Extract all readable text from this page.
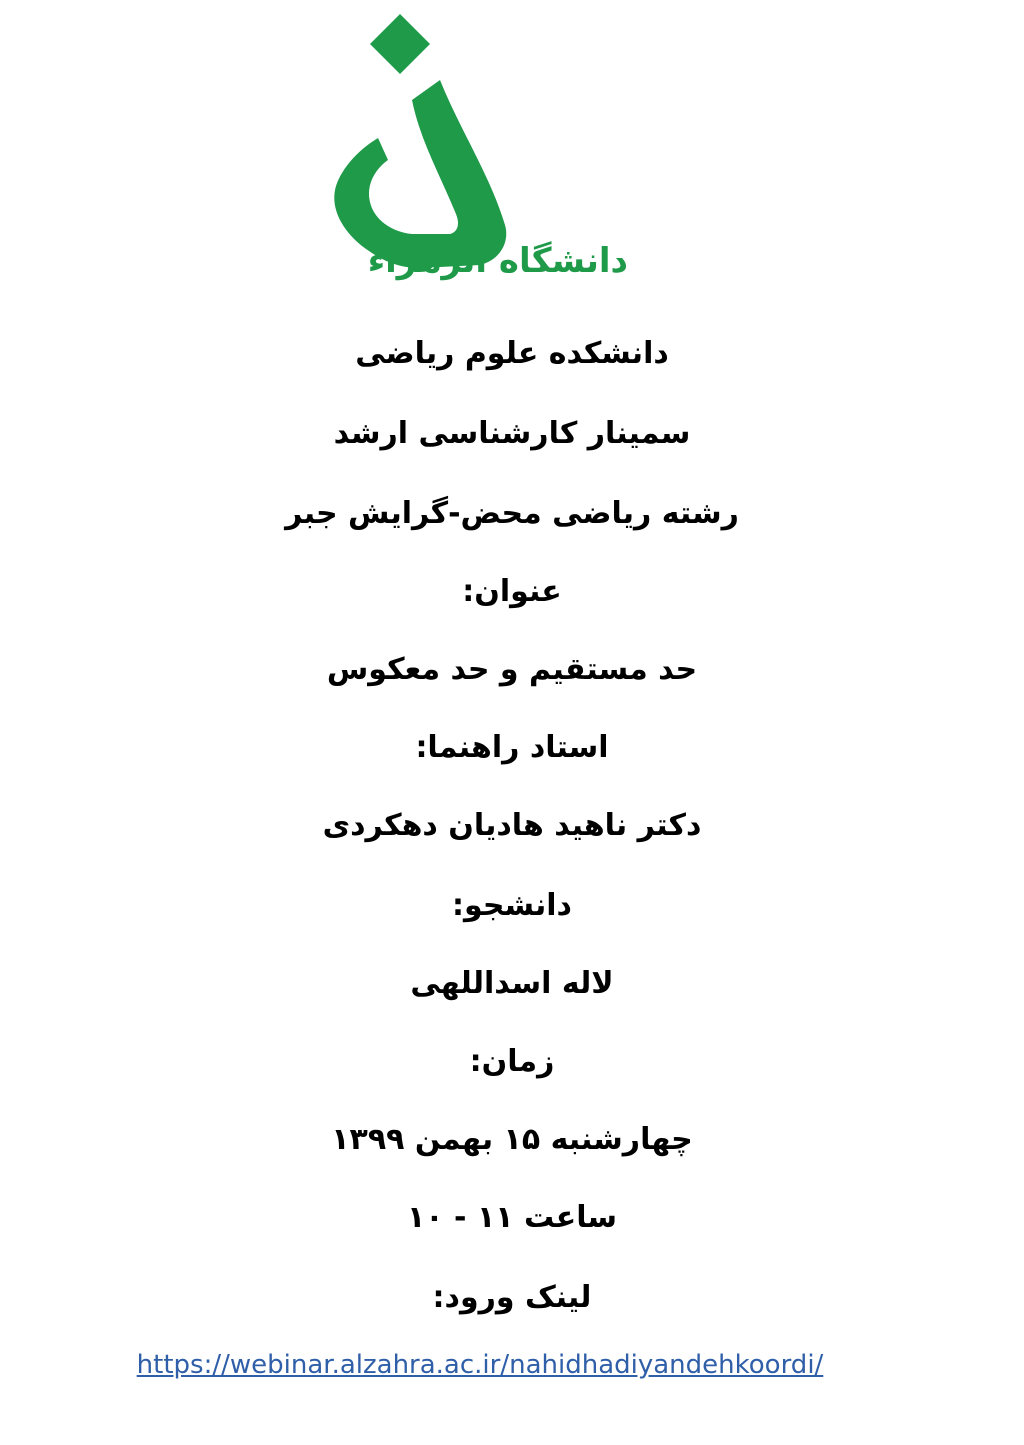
دانشگاه الزهراء
دانشکده علوم ریاضی
سمینار کارشناسی ارشد
رشته ریاضی محض-گرایش جبر
عنوان:
حد مستقیم و حد معکوس
استاد راهنما:
دکتر ناهید هادیان دهکردی
دانشجو:
لاله اسداللهی
زمان:
چهارشنبه ۱۵ بهمن ۱۳۹۹
ساعت ۱۱ - ۱۰
لینک ورود:
https://webinar.alzahra.ac.ir/nahidhadiyandehkoordi/
